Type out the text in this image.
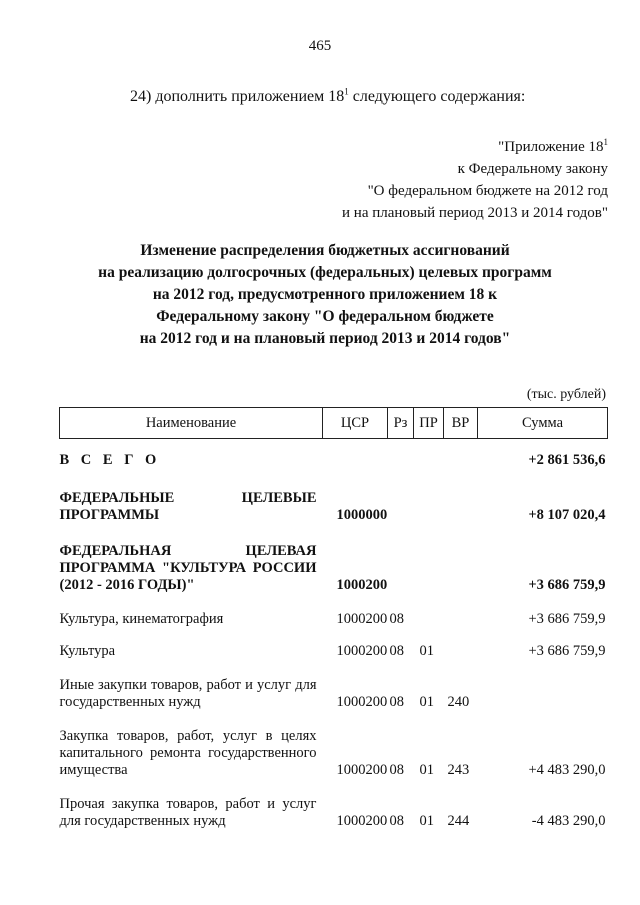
465
24) дополнить приложением $18^1$ следующего содержания:
"Приложение $18^1$
к Федеральному закону
"О федеральном бюджете на 2012 год
и на плановый период 2013 и 2014 годов"
Изменение распределения бюджетных ассигнований
на реализацию долгосрочных (федеральных) целевых программ
на 2012 год, предусмотренного приложением 18 к
Федеральному закону "О федеральном бюджете
на 2012 год и на плановый период 2013 и 2014 годов"
(тыс. рублей)
Наименование	ЦСР	Рз	ПР	ВР	Сумма

В С Е Г О					+2 861 536,6

ФЕДЕРАЛЬНЫЕ ЦЕЛЕВЫЕ ПРОГРАММЫ	1000000				+8 107 020,4

ФЕДЕРАЛЬНАЯ ЦЕЛЕВАЯ ПРОГРАММА "КУЛЬТУРА РОССИИ (2012 - 2016 ГОДЫ)"	1000200				+3 686 759,9

Культура, кинематография	1000200	08			+3 686 759,9

Культура	1000200	08	01		+3 686 759,9

Иные закупки товаров, работ и услуг для государственных нужд	1000200	08	01	240	

Закупка товаров, работ, услуг в целях капитального ремонта государственного имущества	1000200	08	01	243	+4 483 290,0

Прочая закупка товаров, работ и услуг для государственных нужд	1000200	08	01	244	-4 483 290,0
